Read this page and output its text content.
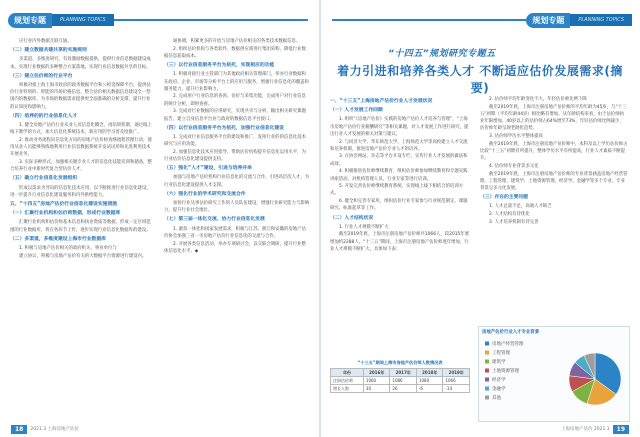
规划专题	PLANNING TOPICS	规划专题	PLANNING TOPICS

应行业内外数据互联互通。

（二）建立数据共建共享的实施规则

多渠道、多维度研究，有效激励数据提供，提供行业信息数据建设成本。实现行业数据的多种整合方案落地。实现行业信息数据共享的目标。

（三）建立估价师的行业平台

积极对接上海上海市政府的政务数据平台和公积金保障平台，提供估价行业特别的、智能的市场价格信息，整合估价相关数据信息建设全一型国内的数据库，为市场的数据需求提供更全面准确的分析支撑，提升行业的认知度和影响力。

（四）培养的的行业信息化人才

1. 健全房地产估价行业从业人员信息化概念，再培训机制，通过线上线下教学的方式，加大信息化系统技术，新应用的学习普及度推广。

2. 推动业务流程向信息化方向的房地产估价师查缮流程管理行动，使用从业人员能够熟练地利用行业信息数据系统开发试试用和先进利用技术开展业务。

3. 实际多种形式，加强相关键专业人才的信息化技能培训和储备，整合培养行业中新时代复合型估价人才。

（五）确立行业信息化发展组织

形成以需求为导向的信息化技术应用，以不断推进行业信息化建设，进一步提升行业信息化建设服务和内外供给能力。

五、“十四五”房地产估价行业信息化建设实施措施

（一）汇聚行业机构和估价师数据，形成行业数据库

汇聚行业机构和估价师基本信息和执业资质等数据，形成一定区域范围的行业数据库，将在各环节上传，逐步实现行业信息化数据库的建设。

（二）多渠道，多维度建设上海市行业数据库

1. 积极与房地产估价相关的政府机关、事业单位与

建立协议，积极与房地产估价有关的大数据平台资源进行建设内。

通协调，积累更多的开放与房地产估价相关的各类技术数据信息。

2. 组织估价机构与各类软件、数据供应商进行集团采购，降低行业数据信息获取成本。

（三）以行业信息服务平台为依托，实现相应的功能

1. 积极对接行业主管部门为其他政府相关管理部门，举办行业数据和在政府、企业、市场等分析平台上的应用与服务，增强行业信息化的覆盖和服务能力，提升行业影响力。

2. 完成用户行业信息的查询、估价与采集功能，完成用户对行业信息的统计分析，即时查看。

3. 完成对行业数据的应用研究，实现共享与分析，输出相关研究课题报告，建立自身信息平台业与政府的数据信息平台接口。

（四）以行业信息服务平台为依托，加强行业信息化建设

1. 完成对行业信息服务平台的建设和推广，发挥行业的的信息化技术研究与应用功能。

2. 加强信息化技术应用指导，帮助估价机构提升信息化运用水平，为行业估价信息化建设提供支持。

（五）强化“人才”建设，引进与培养并举

加强与房地产估价机构行业信息化的交流与合作，引进高层次人才，为行业信息化建设提供人才支撑。

（六）强化行业的学术研究和交流合作

加快行业从事估价研究工作的人员队伍建设，增强行业研究能力与影响力，提升行业社会地位。

（七）第三届一体化交流、协力行业信息化发展

1. 紧扣一体化和国家发展需求，积极与江苏、浙江和安徽的房地产估价协会加强三省一市房地产估价行业信息化的交流与合作。

2. 开展各类信息活动，举办专项研讨会，以交联合调研，提升行业整体信息化水平。◆

“十四五”规划研究专题五
着力引进和培养各类人才 不断适应估价发展需求(摘要)

一、“十三五”上海房地产估价行业人才发展状况

（一）人才发展工作回顾

1. 组织“《房地产估价》实践的房地产估价人才培养与管理”，“上海市房地产估价行业薪酬研究”等相关课题，对人才发展工作进行研究，提出行业人才发展的相关对策与建议。

2. 与同济大学、华东师范大学、上海师范大学等高校建立人才交流和培养机制，推进房地产估价专业人才的培养。

3. 在协会网站、杂志等平台开设专栏，宣传行业人才发展的做法和成效。

4. 积极推进估价师继续教育，组织估价师参加继续教育和专题实践讲座活动，对机构管理人员、行业专家等进行培训。

5. 开发完善估价师继续教育系统，实现线上线下相结合的培训方式。

6. 健全和完善专家库，组织估价行业专家参与行业规范制定、课题研究、标准起草等工作。

（二）人才结构状况

1. 行业人才规模不断扩大

截至2019年底，上海市注册房地产估价师共1066人，较2015年底增加约2288人。“十三五”期间，上海市注册房地产估价师逐年增加，行业人才规模不断扩大，具体如下表：

2. 估价师平均年龄变化不大，年轻估价师比例下降

截至2019年底，上海市注册房地产估价师的平均年龄为45岁，与“十三五”初期（平均年龄44岁）相比略有增加。从年龄结构来看，由于估价师执业年限增加，40岁以上的估价师占64%增至73%，年轻估价师比例减少，估价师年龄呈现老龄化趋势。

3. 估价师学历水平整体提高

截至2019年底，上海市注册房地产估价师中，本科及以上学历估价师占比较“十三五”初期有所提升，整体学历水平有所提高，行业人才素质不断提升。

4. 估价师专业背景多元化

截至2019年底，上海市注册房地产估价师的专业背景涵盖房地产经营管理、工程管理、建筑学、土地资源管理、经济学、金融学等多个专业，专业背景呈多元化发展。

（三）存在的主要问题

1. 人才总量不足，高端人才缺乏

2. 人才结构有待优化

3. 人才培养机制有待完善

“十三五”期间上海市房地产估价师人数情况表
年份	2016年	2017年	2018年	2019年
注册估价师	1060	1086	1080	1066
增长人数	30	26	-6	-14
房地产经营管理
工程管理
建筑学
土地资源管理
经济学
金融学
其他
房地产估价行业人才专业背景
18	2021.3 上海房地产估价	上海房地产估价 2021.3	19
